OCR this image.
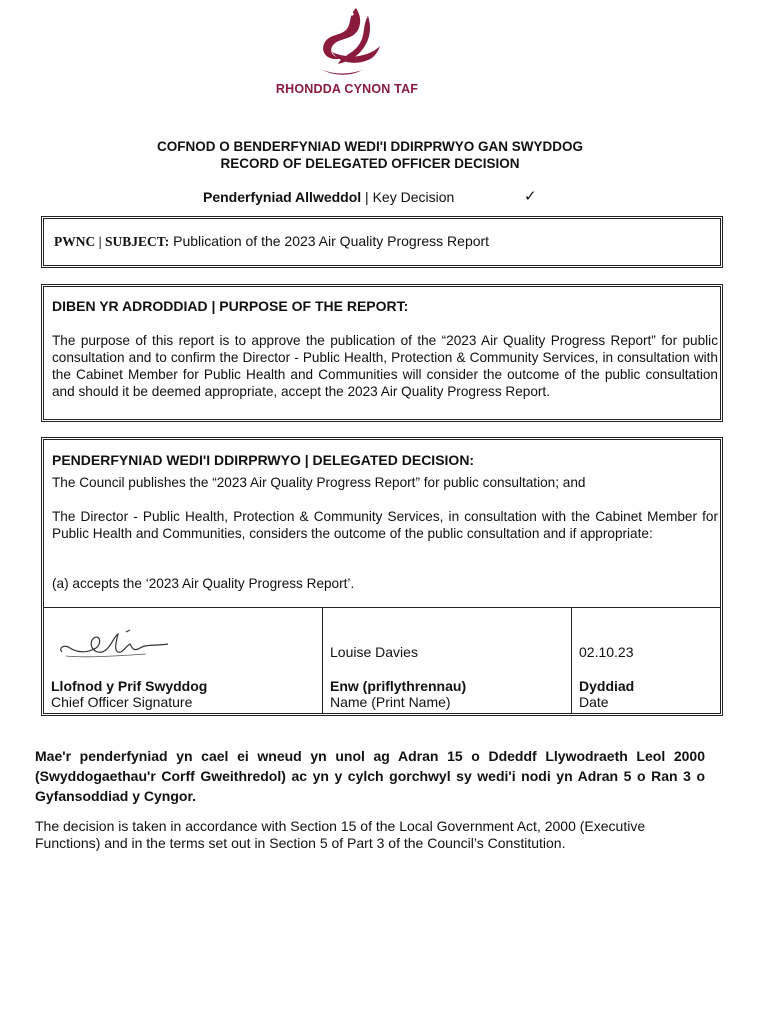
RHONDDA CYNON TAF
COFNOD O BENDERFYNIAD WEDI'I DDIRPRWYO GAN SWYDDOG
RECORD OF DELEGATED OFFICER DECISION
Penderfyniad Allweddol | Key Decision	✓
PWNC | SUBJECT: Publication of the 2023 Air Quality Progress Report
DIBEN YR ADRODDIAD | PURPOSE OF THE REPORT:
The purpose of this report is to approve the publication of the “2023 Air Quality Progress Report” for public consultation and to confirm the Director - Public Health, Protection & Community Services, in consultation with the Cabinet Member for Public Health and Communities will consider the outcome of the public consultation and should it be deemed appropriate, accept the 2023 Air Quality Progress Report.
PENDERFYNIAD WEDI'I DDIRPRWYO | DELEGATED DECISION:
The Council publishes the “2023 Air Quality Progress Report” for public consultation; and
The Director - Public Health, Protection & Community Services, in consultation with the Cabinet Member for Public Health and Communities, considers the outcome of the public consultation and if appropriate:
(a) accepts the ‘2023 Air Quality Progress Report’.
Llofnod y Prif Swyddog
Chief Officer Signature
Louise Davies
Enw (priflythrennau)
Name (Print Name)
02.10.23
Dyddiad
Date
Mae'r penderfyniad yn cael ei wneud yn unol ag Adran 15 o Ddeddf Llywodraeth Leol 2000 (Swyddogaethau'r Corff Gweithredol) ac yn y cylch gorchwyl sy wedi'i nodi yn Adran 5 o Ran 3 o Gyfansoddiad y Cyngor.
The decision is taken in accordance with Section 15 of the Local Government Act, 2000 (Executive Functions) and in the terms set out in Section 5 of Part 3 of the Council’s Constitution.
